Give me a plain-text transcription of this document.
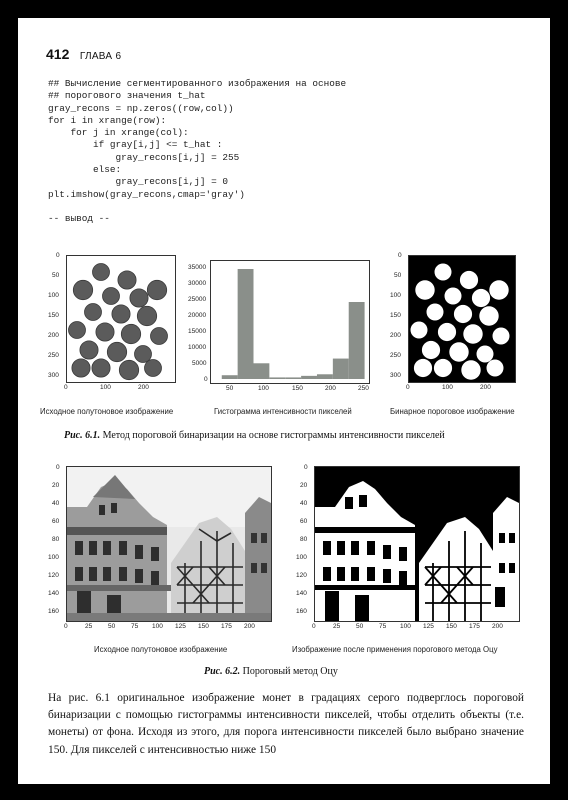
412 ГЛАВА 6
## Вычисление сегментированного изображения на основе
## порогового значения t_hat
gray_recons = np.zeros((row,col))
for i in xrange(row):
for j in xrange(col):
if gray[i,j] <= t_hat :
gray_recons[i,j] = 255
else:
gray_recons[i,j] = 0
plt.imshow(gray_recons,cmap='gray')

-- вывод --
0
50
100
150
200
250
300
0	100	200
Исходное полутоновое изображение
35000
30000
25000
20000
15000
10000
5000
0
50	100	150	200	250
Гистограмма интенсивности пикселей
0
50
100
150
200
250
300
0	100	200
Бинарное пороговое изображение
Рис. 6.1. Метод пороговой бинаризации на основе гистограммы интенсивности пикселей
0
20
40
60
80
100
120
140
160
0	25 50 75 100 125 150 175 200
Исходное полутоновое изображение
0
20
40
60
80
100
120
140
160
0	25 50 75 100 125 150 175 200
Изображение после применения порогового метода Оцу
Рис. 6.2. Пороговый метод Оцу
На рис. 6.1 оригинальное изображение монет в градациях серого подверглось пороговой бинаризации с помощью гистограммы интенсивности пикселей, чтобы отделить объекты (т.е. монеты) от фона. Исходя из этого, для порога интенсивности пикселей было выбрано значение 150. Для пикселей с интенсивностью ниже 150
